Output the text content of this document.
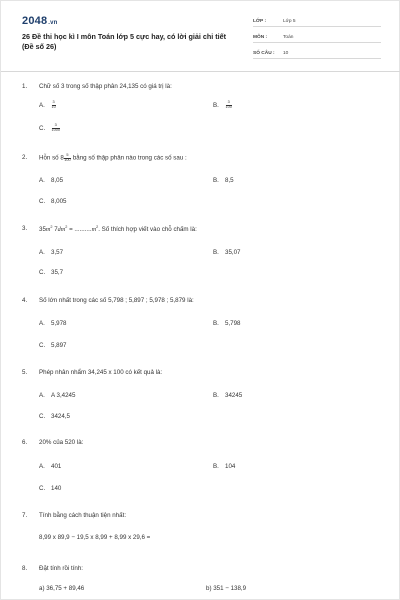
2048.vn
26 Đề thi học kì I môn Toán lớp 5 cực hay, có lời giải chi tiết (Đề số 26)
LỚP :	Lớp 5
MÔN :	Toán
SỐ CÂU :	10
1.	Chữ số 3 trong số thập phân 24,135 có giá trị là:
A. $\frac{3}{10}$	B. $\frac{3}{100}$
C. $\frac{3}{1000}$
2.	Hỗn số $8 \frac{5}{100}$ bằng số thập phân nào trong các số sau :
A. 8,05	B. 8,5
C. 8,005
3.	$35m^2$ $7dm^2 = ..........m^2$. Số thích hợp viết vào chỗ chấm là:
A. 3,57	B. 35,07
C. 35,7
4.	Số lớn nhất trong các số 5,798 ; 5,897 ; 5,978 ; 5,879 là:
A. 5,978	B. 5,798
C. 5,897
5.	Phép nhân nhẩm 34,245 x 100 có kết quả là:
A. A 3,4245	B. 34245
C. 3424,5
6.	20% của 520 là:
A. 401	B. 104
C. 140
7.	Tính bằng cách thuận tiện nhất:
8,99 x 89,9 − 19,5 x 8,99 + 8,99 x 29,6 =
8.	Đặt tính rồi tính:
a) 36,75 + 89,46	b) 351 − 138,9
